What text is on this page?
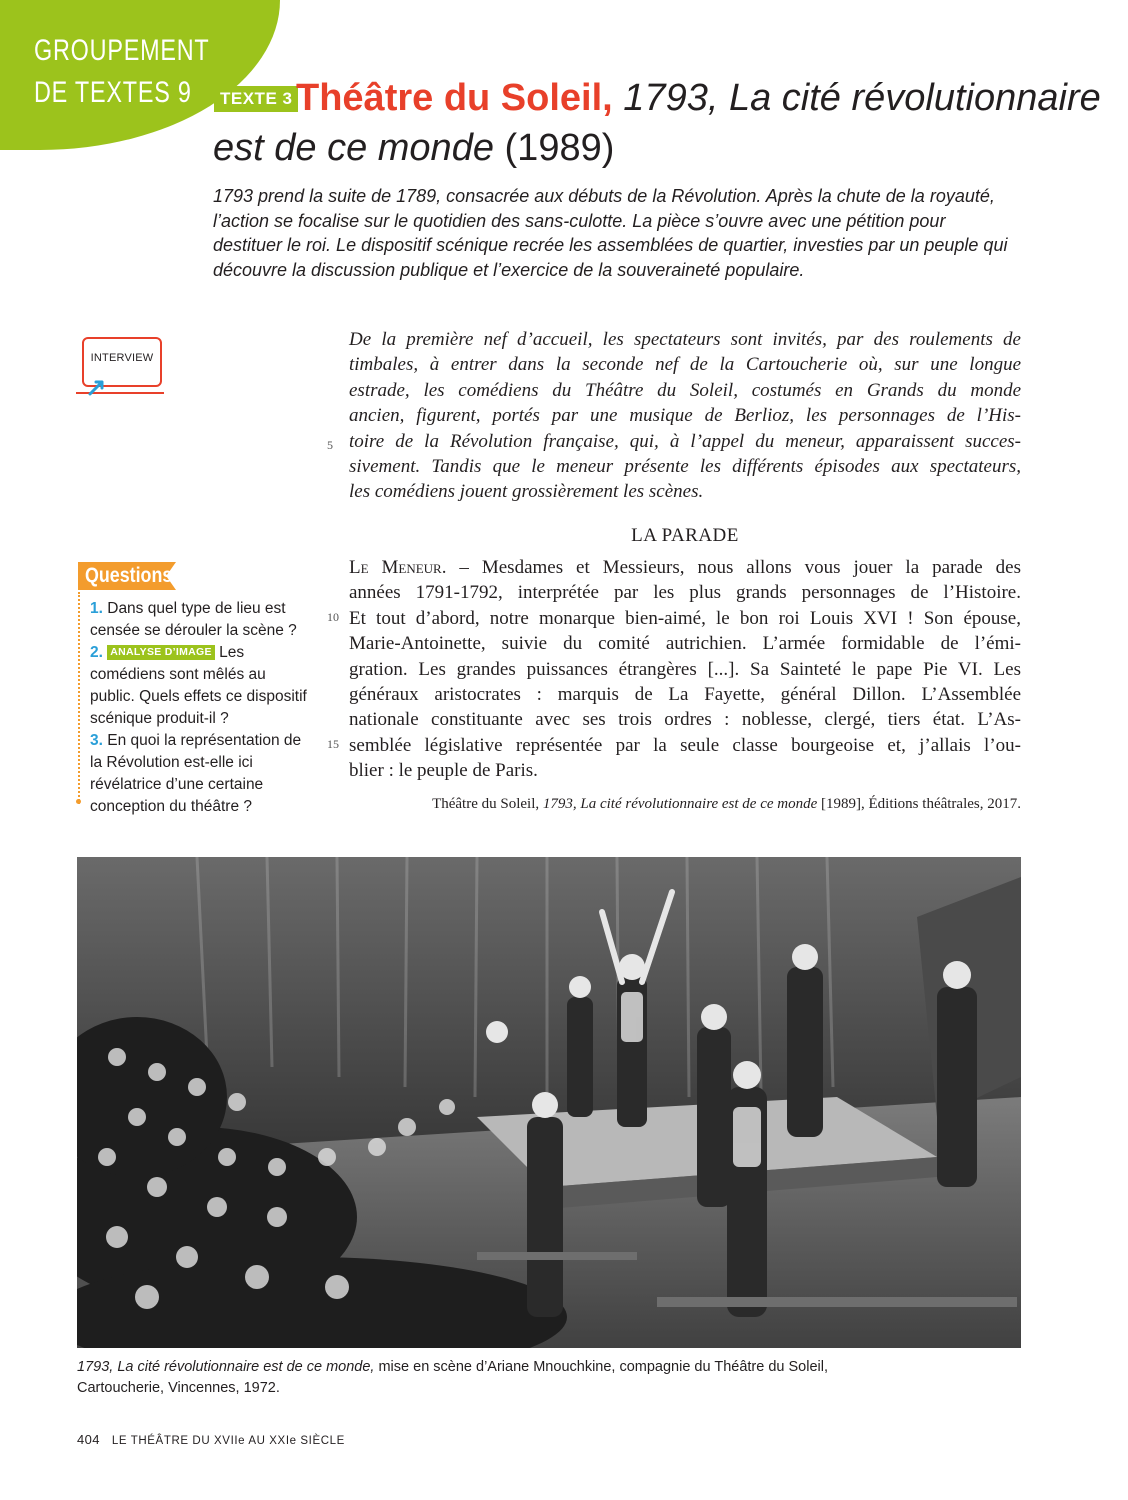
GROUPEMENT
DE TEXTES 9	TEXTE 3 Théâtre du Soleil, 1793, La cité révolutionnaire
est de ce monde (1989)
1793 prend la suite de 1789, consacrée aux débuts de la Révolution. Après la chute de la royauté, l’action se focalise sur le quotidien des sans-culotte. La pièce s’ouvre avec une pétition pour destituer le roi. Le dispositif scénique recrée les assemblées de quartier, investies par un peuple qui découvre la discussion publique et l’exercice de la souveraineté populaire.
INTERVIEW
De la première nef d’accueil, les spectateurs sont invités, par des roulements de
timbales, à entrer dans la seconde nef de la Cartoucherie où, sur une longue
estrade, les comédiens du Théâtre du Soleil, costumés en Grands du monde
ancien, figurent, portés par une musique de Berlioz, les personnages de l’His-
toire de la Révolution française, qui, à l’appel du meneur, apparaissent succes-
sivement. Tandis que le meneur présente les différents épisodes aux spectateurs,
les comédiens jouent grossièrement les scènes.
5
10
15
LA PARADE
Le Meneur. – Mesdames et Messieurs, nous allons vous jouer la parade des
années 1791-1792, interprétée par les plus grands personnages de l’Histoire.
Et tout d’abord, notre monarque bien-aimé, le bon roi Louis XVI ! Son épouse,
Marie-Antoinette, suivie du comité autrichien. L’armée formidable de l’émi-
gration. Les grandes puissances étrangères [...]. Sa Sainteté le pape Pie VI. Les
généraux aristocrates : marquis de La Fayette, général Dillon. L’Assemblée
nationale constituante avec ses trois ordres : noblesse, clergé, tiers état. L’As-
semblée législative représentée par la seule classe bourgeoise et, j’allais l’ou-
blier : le peuple de Paris.
Théâtre du Soleil, 1793, La cité révolutionnaire est de ce monde [1989], Éditions théâtrales, 2017.
Questions
1. Dans quel type de lieu est censée se dérouler la scène ?
2. ANALYSE D’IMAGE Les comédiens sont mêlés au public. Quels effets ce dispositif scénique produit-il ?
3. En quoi la représentation de la Révolution est-elle ici révélatrice d’une certaine conception du théâtre ?
1793, La cité révolutionnaire est de ce monde, mise en scène d’Ariane Mnouchkine, compagnie du Théâtre du Soleil,
Cartoucherie, Vincennes, 1972.
404 LE THÉÂTRE DU XVIIe AU XXIe SIÈCLE
